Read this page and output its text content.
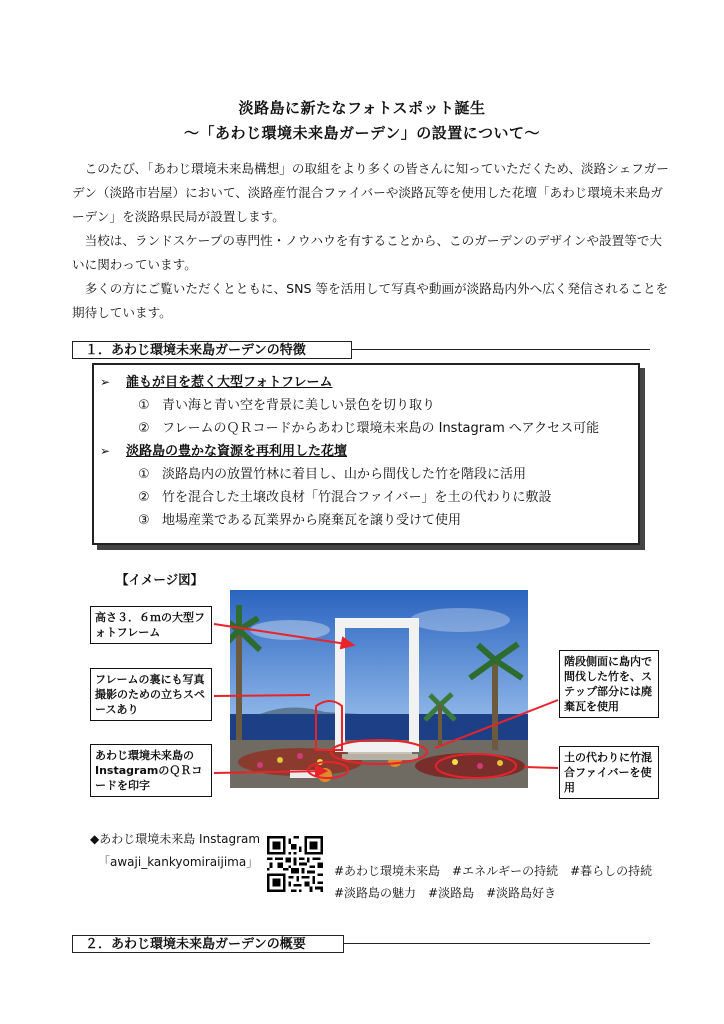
淡路島に新たなフォトスポット誕生
～「あわじ環境未来島ガーデン」の設置について～

このたび、「あわじ環境未来島構想」の取組をより多くの皆さんに知っていただくため、淡路シェフガーデン（淡路市岩屋）において、淡路産竹混合ファイバーや淡路瓦等を使用した花壇「あわじ環境未来島ガーデン」を淡路県民局が設置します。

当校は、ランドスケープの専門性・ノウハウを有することから、このガーデンのデザインや設置等で大いに関わっています。

多くの方にご覧いただくとともに、SNS 等を活用して写真や動画が淡路島内外へ広く発信されることを期待しています。

１．あわじ環境未来島ガーデンの特徴
➢	誰もが目を惹く大型フォトフレーム
① 青い海と青い空を背景に美しい景色を切り取り
② フレームのＱＲコードからあわじ環境未来島の Instagram へアクセス可能
➢	淡路島の豊かな資源を再利用した花壇
① 淡路島内の放置竹林に着目し、山から間伐した竹を階段に活用
② 竹を混合した土壌改良材「竹混合ファイバー」を土の代わりに敷設
③ 地場産業である瓦業界から廃棄瓦を譲り受けて使用
【イメージ図】
高さ３．６ｍの大型フォトフレーム
フレームの裏にも写真撮影のための立ちスペースあり
あわじ環境未来島のInstagramのＱＲコードを印字
階段側面に島内で間伐した竹を、ステップ部分には廃棄瓦を使用
土の代わりに竹混合ファイバーを使用
◆あわじ環境未来島 Instagram
「awaji_kankyomiraijima」
#あわじ環境未来島　#エネルギーの持続　#暮らしの持続
#淡路島の魅力　#淡路島　#淡路島好き
２．あわじ環境未来島ガーデンの概要
